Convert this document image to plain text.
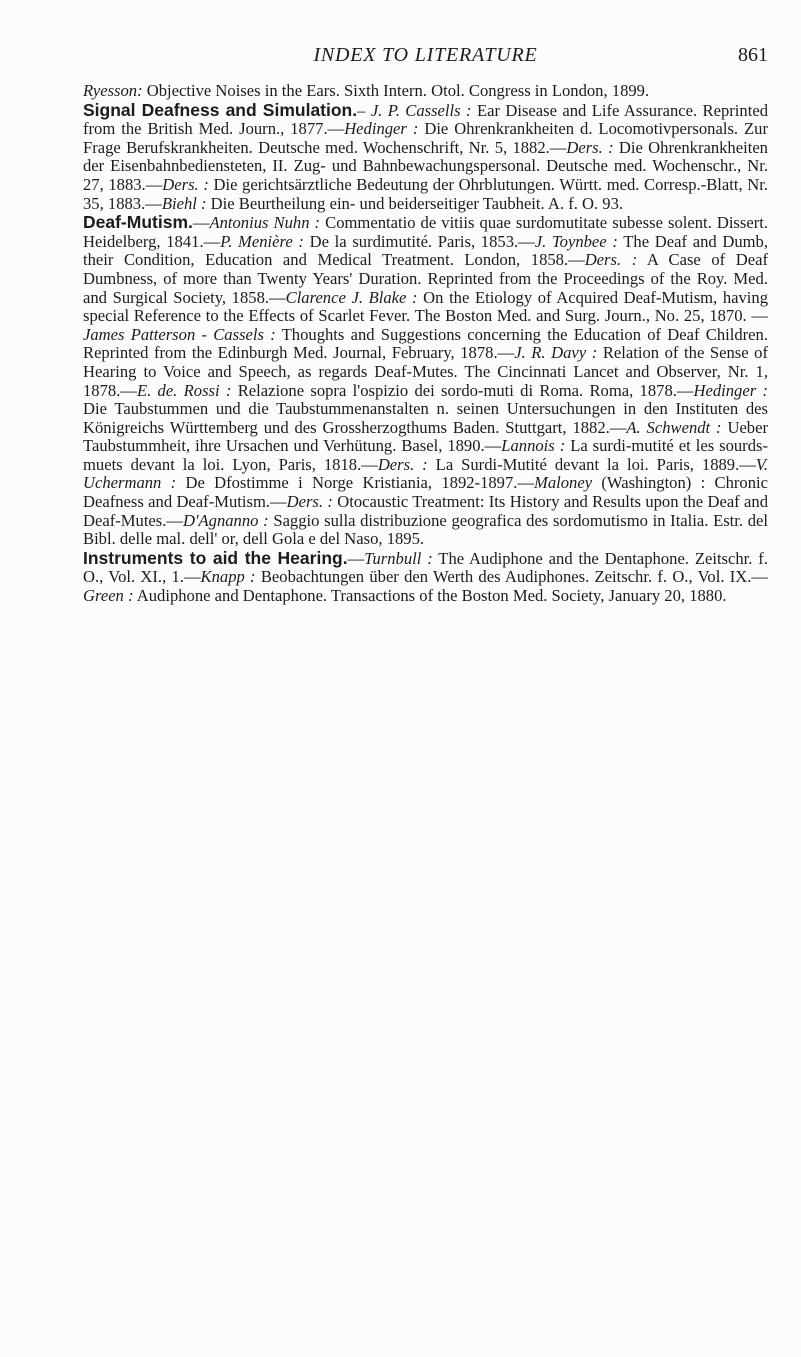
INDEX TO LITERATURE	861

Ryesson: Objective Noises in the Ears. Sixth Intern. Otol. Congress in London, 1899.

Signal Deafness and Simulation.– J. P. Cassells : Ear Disease and Life Assurance. Reprinted from the British Med. Journ., 1877.—Hedinger : Die Ohrenkrankheiten d. Locomotivpersonals. Zur Frage Berufskrankheiten. Deutsche med. Wochenschrift, Nr. 5, 1882.—Ders. : Die Ohrenkrankheiten der Eisenbahnbediensteten, II. Zug- und Bahnbewachungspersonal. Deutsche med. Wochenschr., Nr. 27, 1883.—Ders. : Die gerichtsärztliche Bedeutung der Ohrblutungen. Württ. med. Corresp.-Blatt, Nr. 35, 1883.—Biehl : Die Beurtheilung ein- und beiderseitiger Taubheit. A. f. O. 93.

Deaf-Mutism.—Antonius Nuhn : Commentatio de vitiis quae surdomutitate subesse solent. Dissert. Heidelberg, 1841.—P. Menière : De la surdimutité. Paris, 1853.—J. Toynbee : The Deaf and Dumb, their Condition, Education and Medical Treatment. London, 1858.—Ders. : A Case of Deaf Dumbness, of more than Twenty Years' Duration. Reprinted from the Proceedings of the Roy. Med. and Surgical Society, 1858.—Clarence J. Blake : On the Etiology of Acquired Deaf-Mutism, having special Reference to the Effects of Scarlet Fever. The Boston Med. and Surg. Journ., No. 25, 1870. —James Patterson - Cassels : Thoughts and Suggestions concerning the Education of Deaf Children. Reprinted from the Edinburgh Med. Journal, February, 1878.—J. R. Davy : Relation of the Sense of Hearing to Voice and Speech, as regards Deaf-Mutes. The Cincinnati Lancet and Observer, Nr. 1, 1878.—E. de. Rossi : Relazione sopra l'ospizio dei sordo-muti di Roma. Roma, 1878.—Hedinger : Die Taubstummen und die Taubstummenanstalten n. seinen Untersuchungen in den Instituten des Königreichs Württemberg und des Grossherzogthums Baden. Stuttgart, 1882.—A. Schwendt : Ueber Taubstummheit, ihre Ursachen und Verhütung. Basel, 1890.—Lannois : La surdi-mutité et les sourds-muets devant la loi. Lyon, Paris, 1818.—Ders. : La Surdi-Mutité devant la loi. Paris, 1889.—V. Uchermann : De Dfostimme i Norge Kristiania, 1892-1897.—Maloney (Washington) : Chronic Deafness and Deaf-Mutism.—Ders. : Otocaustic Treatment: Its History and Results upon the Deaf and Deaf-Mutes.—D'Agnanno : Saggio sulla distribuzione geografica des sordomutismo in Italia. Estr. del Bibl. delle mal. dell' or, dell Gola e del Naso, 1895.

Instruments to aid the Hearing.—Turnbull : The Audiphone and the Dentaphone. Zeitschr. f. O., Vol. XI., 1.—Knapp : Beobachtungen über den Werth des Audiphones. Zeitschr. f. O., Vol. IX.—Green : Audiphone and Dentaphone. Transactions of the Boston Med. Society, January 20, 1880.
